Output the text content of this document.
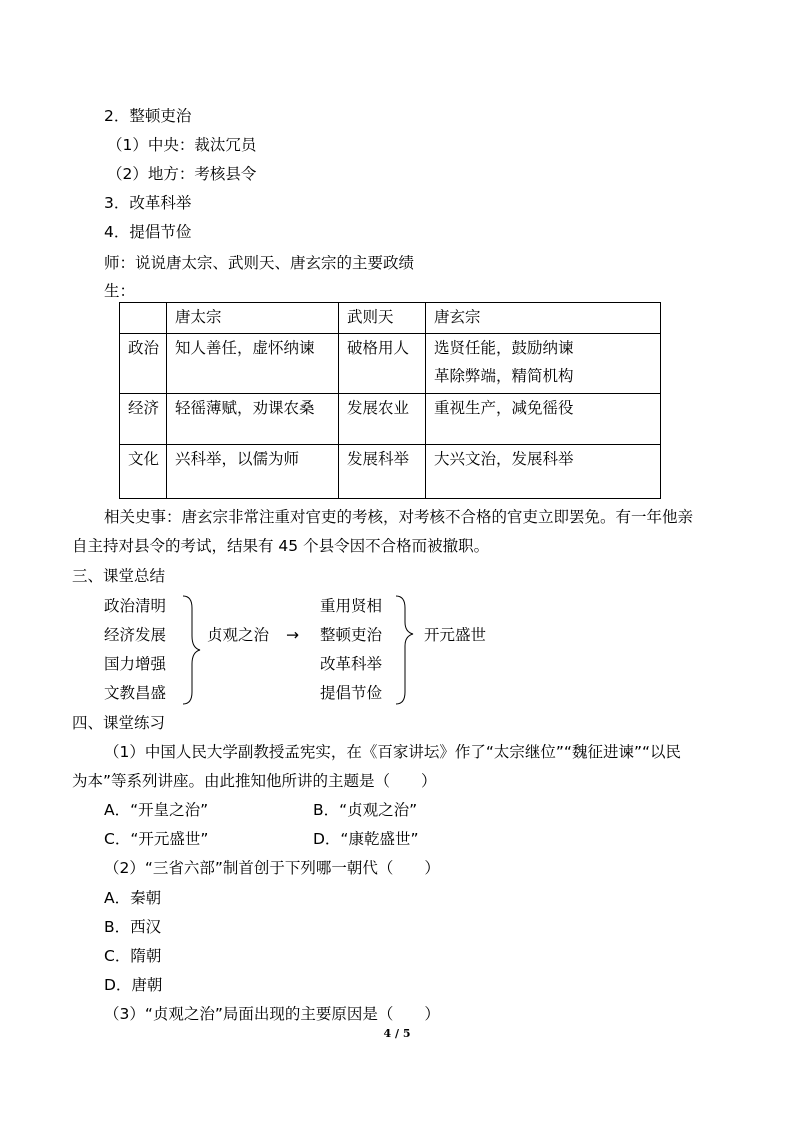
2．整顿吏治
（1）中央：裁汰冗员
（2）地方：考核县令
3．改革科举
4．提倡节俭
师：说说唐太宗、武则天、唐玄宗的主要政绩
生：
	唐太宗	武则天	唐玄宗
政治	知人善任，虚怀纳谏	破格用人	选贤任能，鼓励纳谏
革除弊端，精简机构

经济	轻徭薄赋，劝课农桑	发展农业	重视生产，减免徭役
文化	兴科举，以儒为师	发展科举	大兴文治，发展科举
相关史事：唐玄宗非常注重对官吏的考核，对考核不合格的官吏立即罢免。有一年他亲
自主持对县令的考试，结果有 45 个县令因不合格而被撤职。
三、课堂总结
政治清明
经济发展
国力增强
文教昌盛
贞观之治 →
重用贤相
整顿吏治
改革科举
提倡节俭
开元盛世
四、课堂练习
（1）中国人民大学副教授孟宪实，在《百家讲坛》作了“太宗继位”“魏征进谏”“以民
为本”等系列讲座。由此推知他所讲的主题是（　　）
A．“开皇之治”	B．“贞观之治”
C．“开元盛世”	D．“康乾盛世”
（2）“三省六部”制首创于下列哪一朝代（　　）
A．秦朝
B．西汉
C．隋朝
D．唐朝
（3）“贞观之治”局面出现的主要原因是（　　）
4 / 5
